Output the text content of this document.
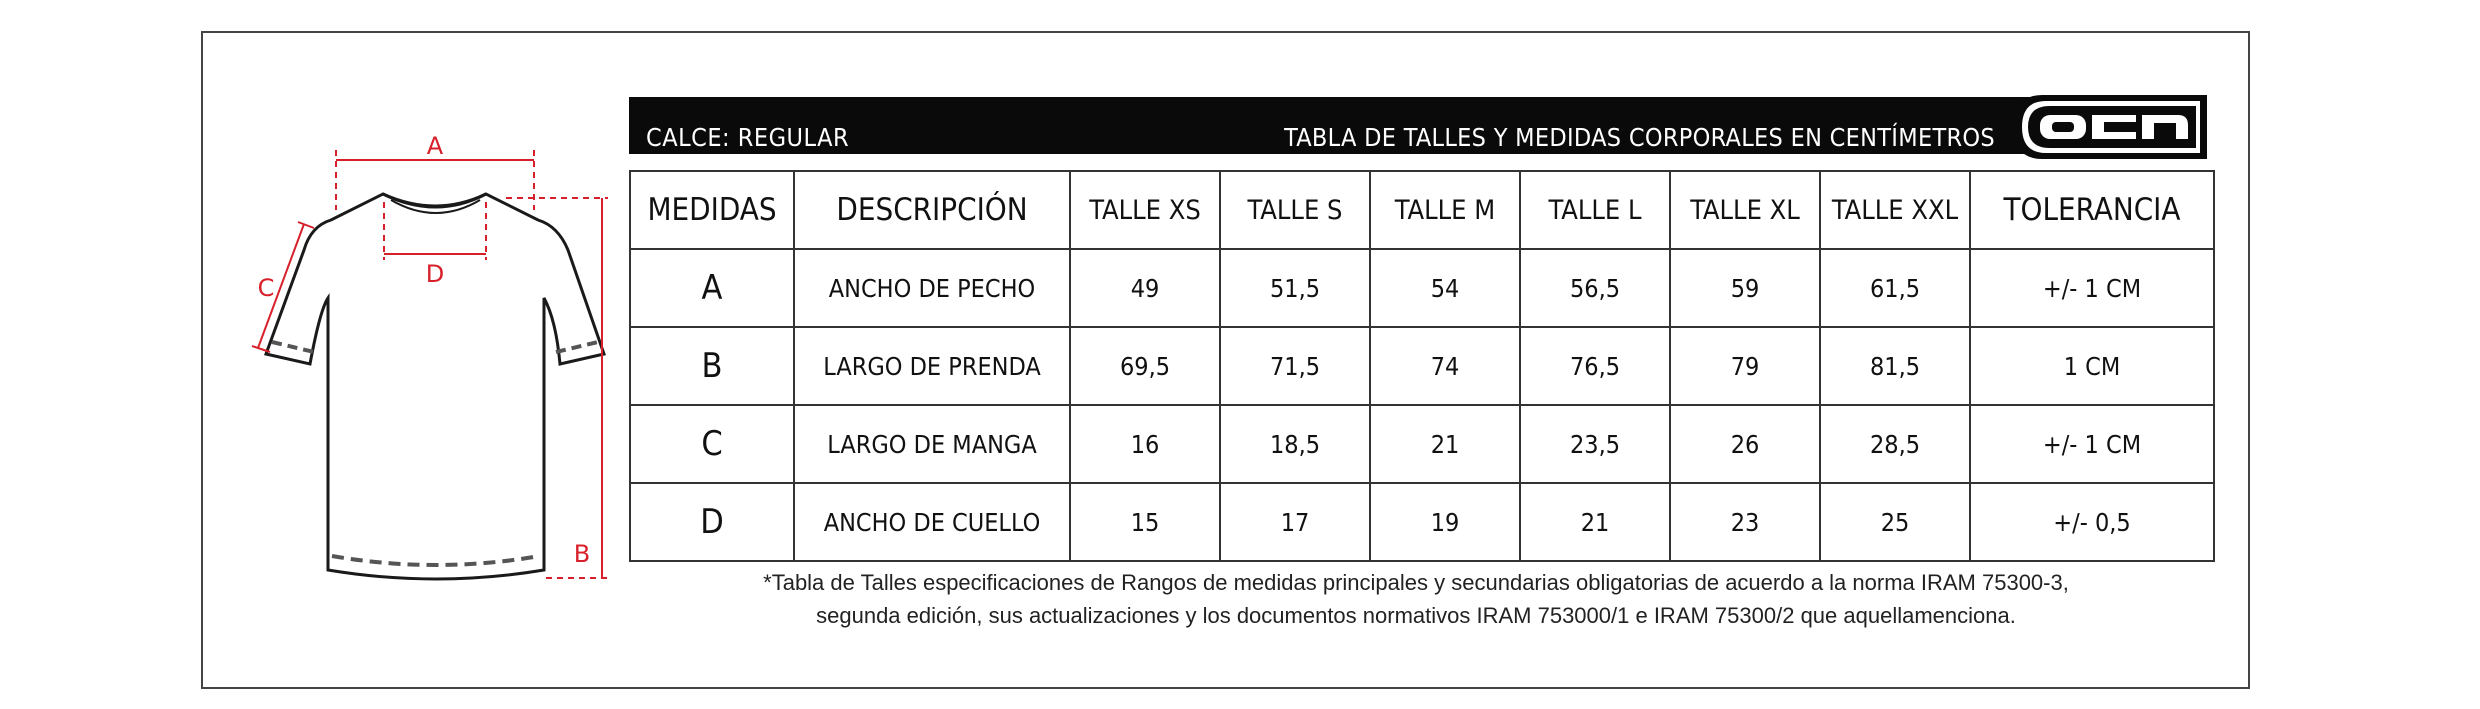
A
D
C
B
CALCE: REGULAR	TABLA DE TALLES Y MEDIDAS CORPORALES EN CENTÍMETROS
MEDIDAS	DESCRIPCIÓN	TALLE XS	TALLE S	TALLE M	TALLE L	TALLE XL	TALLE XXL	TOLERANCIA
A	ANCHO DE PECHO	49	51,5	54	56,5	59	61,5	+/- 1 CM
B	LARGO DE PRENDA	69,5	71,5	74	76,5	79	81,5	1 CM
C	LARGO DE MANGA	16	18,5	21	23,5	26	28,5	+/- 1 CM
D	ANCHO DE CUELLO	15	17	19	21	23	25	+/- 0,5
*Tabla de Talles especificaciones de Rangos de medidas principales y secundarias obligatorias de acuerdo a la norma IRAM 75300-3,
segunda edición, sus actualizaciones y los documentos normativos IRAM 753000/1 e IRAM 75300/2 que aquellamenciona.
